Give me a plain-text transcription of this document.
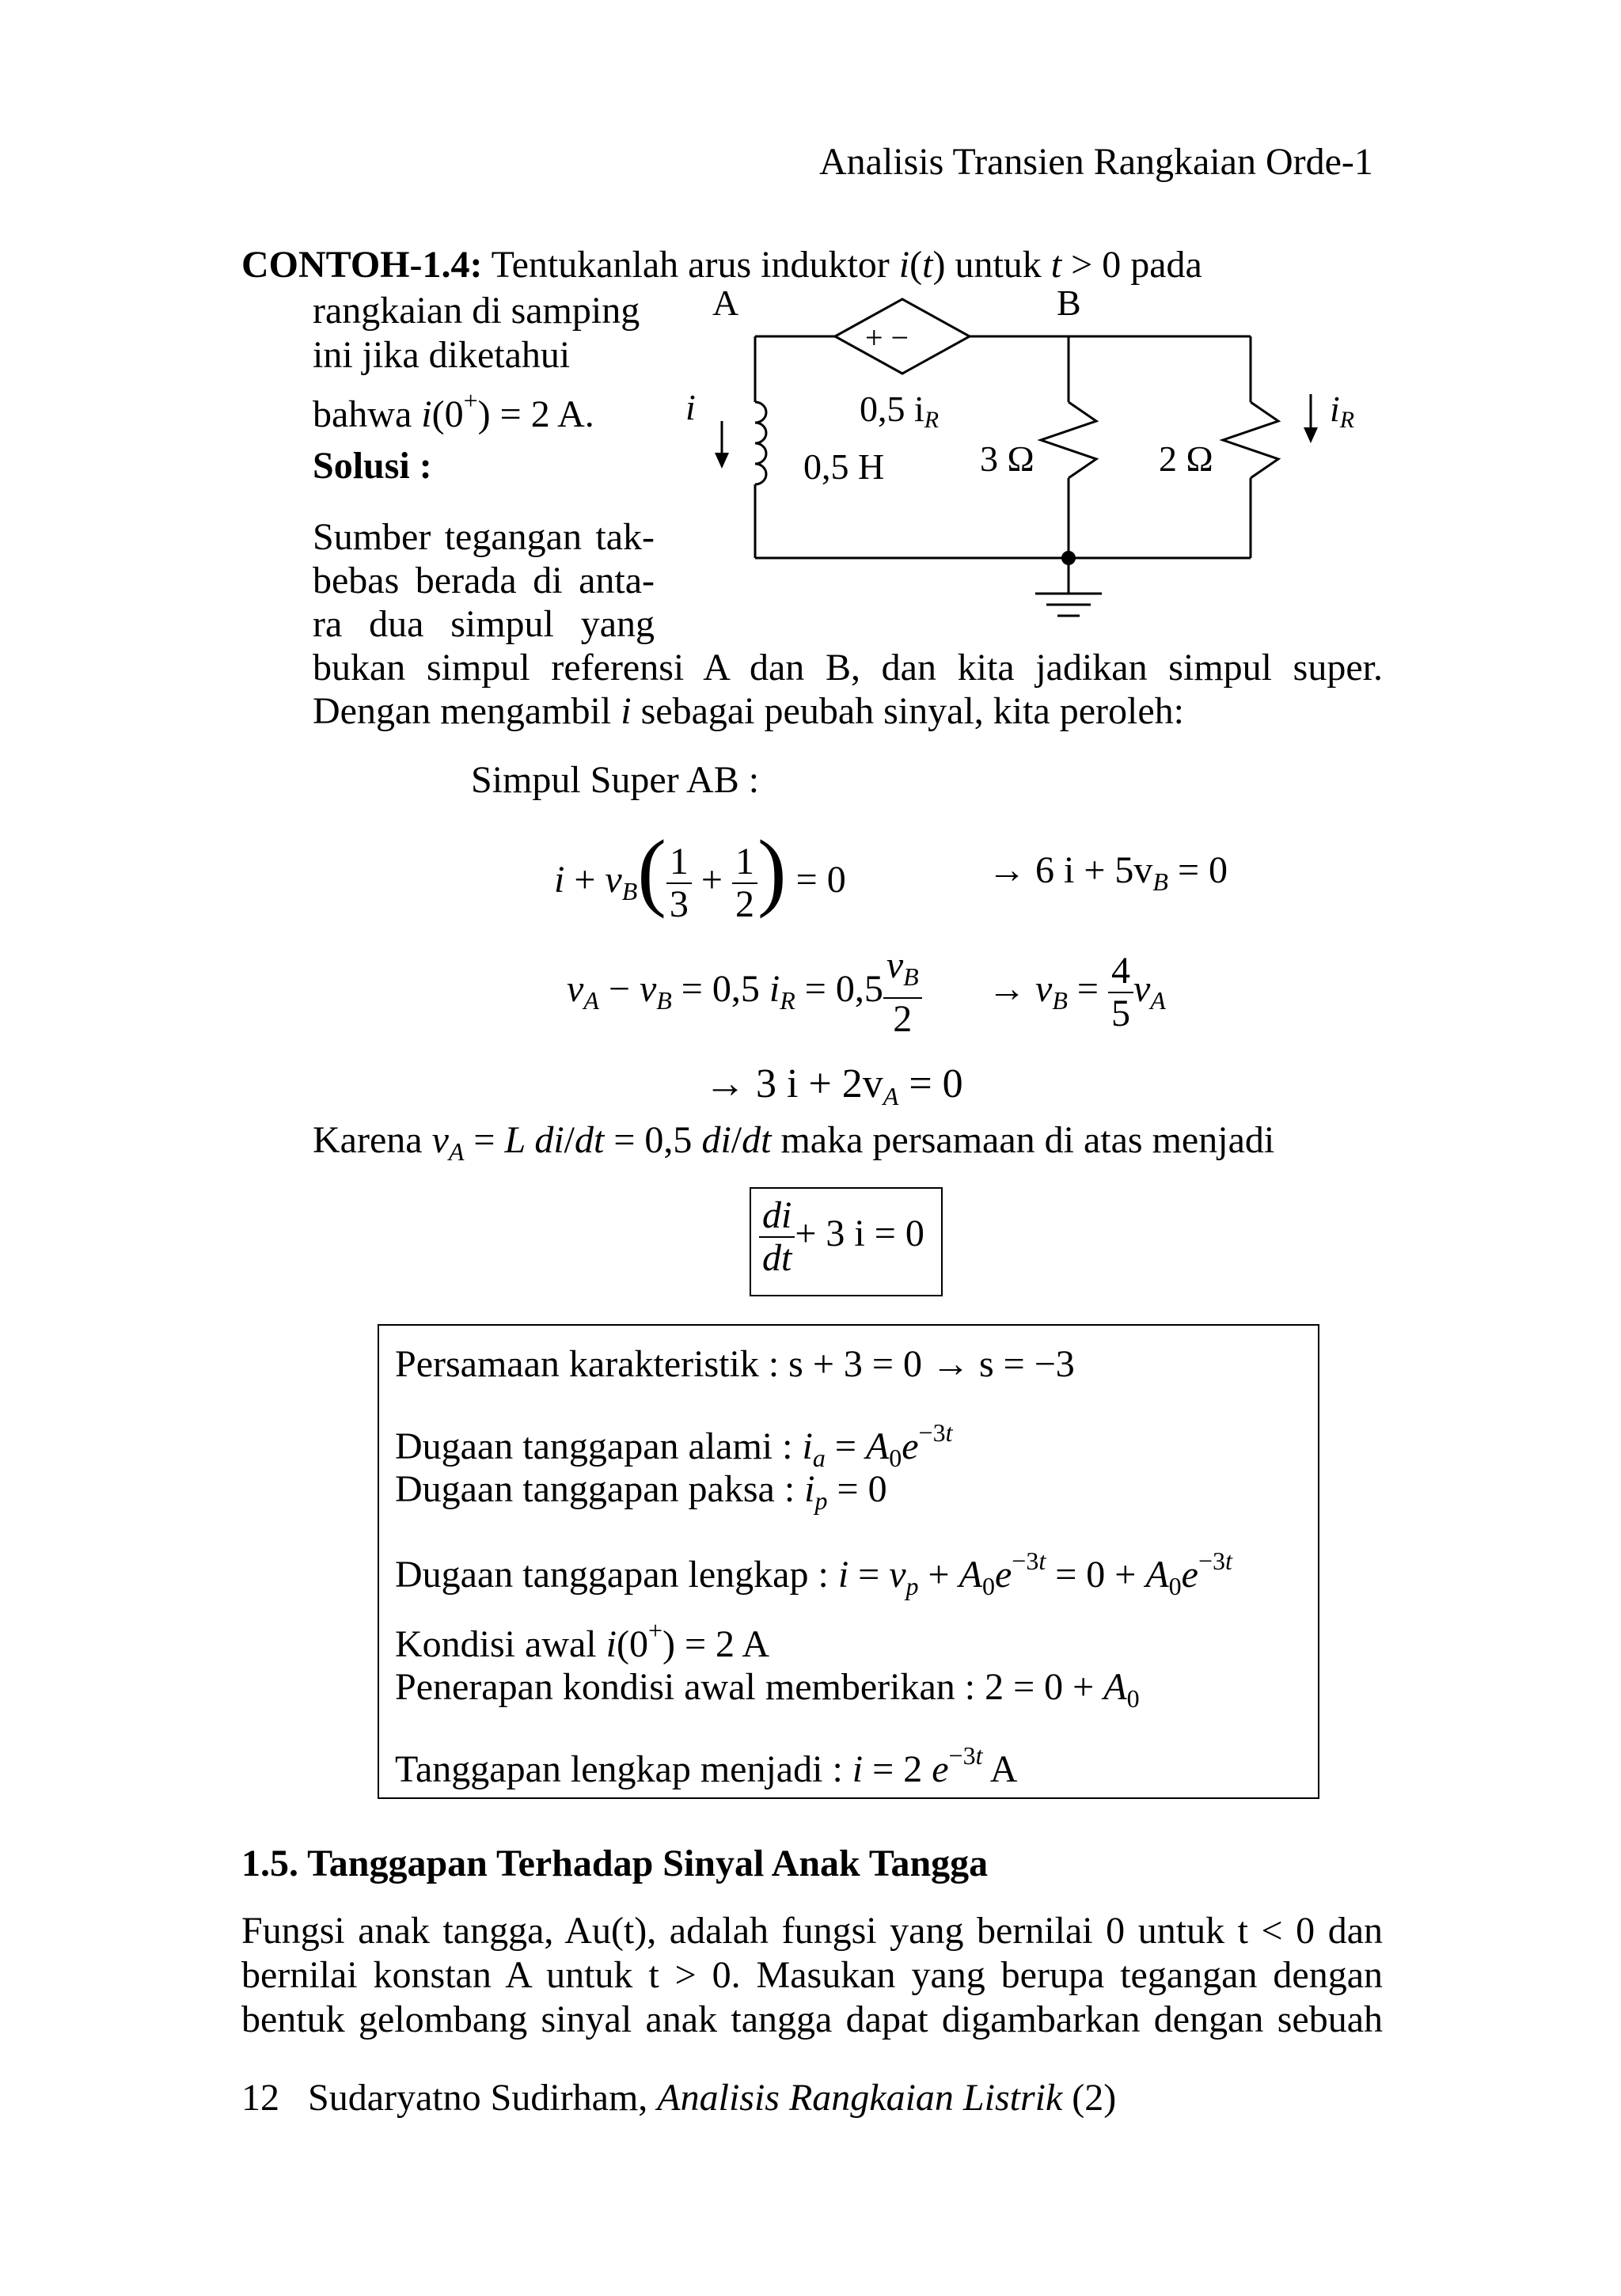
Analisis Transien Rangkaian Orde-1
CONTOH-1.4: Tentukanlah arus induktor i(t) untuk t > 0 pada
rangkaian di samping
ini jika diketahui
bahwa i(0+) = 2 A.
Solusi :
Sumber tegangan tak-
bebas berada di anta-
ra dua simpul yang
bukan simpul referensi A dan B, dan kita jadikan simpul super.
Dengan mengambil i sebagai peubah sinyal, kita peroleh:
A	B
+ −
0,5 iR
i	iR
0,5 H	3 Ω	2 Ω
Simpul Super AB :
$i + v_B( \frac{1}{3} + \frac{1}{2}$ ) = 0	→ 6 $i + 5v_B = 0$
$v_A - v_B = 0,5$ $i_R = 0,5 \frac{v_B}{2} \to v_B = \frac{4}{5} v_A$
→ 3 $i + 2v_A = 0$
Karena $v_A = L$ di/dt = 0,5 di/dt maka persamaan di atas menjadi
$\frac{di}{dt} + 3$ i = 0
Persamaan karakteristik : s + 3 = 0 → s = −3
Dugaan tanggapan alami : $i_a = A_0e^{-3t}$
Dugaan tanggapan paksa : $i_p = 0$
Dugaan tanggapan lengkap : $i = v_p + A_0e^{-3t} = 0 + A_0e^{-3t}$
Kondisi awal i(0+) = 2 A
Penerapan kondisi awal memberikan : $2 = 0 + A_0$
Tanggapan lengkap menjadi : i = 2 $e^{-3t}$ A
1.5. Tanggapan Terhadap Sinyal Anak Tangga
Fungsi anak tangga, Au(t), adalah fungsi yang bernilai 0 untuk t < 0 dan
bernilai konstan A untuk t > 0. Masukan yang berupa tegangan dengan
bentuk gelombang sinyal anak tangga dapat digambarkan dengan sebuah
12 Sudaryatno Sudirham, Analisis Rangkaian Listrik (2)
